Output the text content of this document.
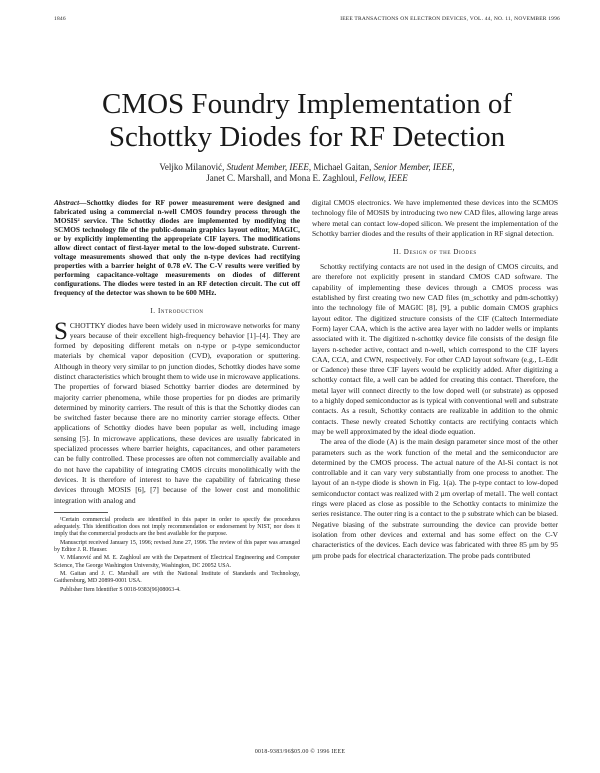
1846	IEEE TRANSACTIONS ON ELECTRON DEVICES, VOL. 44, NO. 11, NOVEMBER 1996
CMOS Foundry Implementation of
Schottky Diodes for RF Detection
Veljko Milanović, Student Member, IEEE, Michael Gaitan, Senior Member, IEEE,
Janet C. Marshall, and Mona E. Zaghloul, Fellow, IEEE

Abstract—Schottky diodes for RF power measurement were designed and fabricated using a commercial n-well CMOS foundry process through the MOSIS² service. The Schottky diodes are implemented by modifying the SCMOS technology file of the public-domain graphics layout editor, MAGIC, or by explicitly implementing the appropriate CIF layers. The modifications allow direct contact of first-layer metal to the low-doped substrate. Current-voltage measurements showed that only the n-type devices had rectifying properties with a barrier height of 0.78 eV. The C-V results were verified by performing capacitance-voltage measurements on diodes of different configurations. The diodes were tested in an RF detection circuit. The cut off frequency of the detector was shown to be 600 MHz.

I. Introduction

SCHOTTKY diodes have been widely used in microwave networks for many years because of their excellent high-frequency behavior [1]–[4]. They are formed by depositing different metals on n-type or p-type semiconductor materials by chemical vapor deposition (CVD), evaporation or sputtering. Although in theory very similar to pn junction diodes, Schottky diodes have some distinct characteristics which brought them to wide use in microwave applications. The properties of forward biased Schottky barrier diodes are determined by majority carrier phenomena, while those properties for pn diodes are primarily determined by minority carriers. The result of this is that the Schottky diodes can be switched faster because there are no minority carrier storage effects. Other applications of Schottky diodes have been popular as well, including image sensing [5]. In microwave applications, these devices are usually fabricated in specialized processes where barrier heights, capacitances, and other parameters can be fully controlled. These processes are often not commercially available and do not have the capability of integrating CMOS circuits monolithically with the devices. It is therefore of interest to have the capability of fabricating these devices through MOSIS [6], [7] because of the lower cost and monolithic integration with analog and

¹Certain commercial products are identified in this paper in order to specify the procedures adequately. This identification does not imply recommendation or endorsement by NIST, nor does it imply that the commercial products are the best available for the purpose.

Manuscript received January 15, 1996; revised June 27, 1996. The review of this paper was arranged by Editor J. R. Hauser.

V. Milanović and M. E. Zaghloul are with the Department of Electrical Engineering and Computer Science, The George Washington University, Washington, DC 20052 USA.

M. Gaitan and J. C. Marshall are with the National Institute of Standards and Technology, Gaithersburg, MD 20899-0001 USA.

Publisher Item Identifier S 0018-9383(96)08063-4.

digital CMOS electronics. We have implemented these devices into the SCMOS technology file of MOSIS by introducing two new CAD files, allowing large areas where metal can contact low-doped silicon. We present the implementation of the Schottky barrier diodes and the results of their application in RF signal detection.

II. Design of the Diodes

Schottky rectifying contacts are not used in the design of CMOS circuits, and are therefore not explicitly present in standard CMOS CAD software. The capability of implementing these devices through a CMOS process was established by first creating two new CAD files (m_schottky and pdm-schottky) into the technology file of MAGIC [8], [9], a public domain CMOS graphics layout editor. The digitized structure consists of the CIF (Caltech Intermediate Form) layer CAA, which is the active area layer with no ladder wells or implants associated with it. The digitized n-schottky device file consists of the design file layers n-scheder active, contact and n-well, which correspond to the CIF layers CAA, CCA, and CWN, respectively. For other CAD layout software (e.g., L-Edit or Cadence) these three CIF layers would be explicitly added. After digitizing a schottky contact file, a well can be added for creating this contact. Therefore, the metal layer will connect directly to the low doped well (or substrate) as opposed to a highly doped semiconductor as is typical with conventional well and substrate contacts. As a result, Schottky contacts are realizable in addition to the ohmic contacts. These newly created Schottky contacts are rectifying contacts which may be well approximated by the ideal diode equation.

The area of the diode (A) is the main design parameter since most of the other parameters such as the work function of the metal and the semiconductor are determined by the CMOS process. The actual nature of the Al-Si contact is not controllable and it can vary very substantially from one process to another. The layout of an n-type diode is shown in Fig. 1(a). The p-type contact to low-doped semiconductor contact was realized with 2 μm overlap of metal1. The well contact rings were placed as close as possible to the Schottky contacts to minimize the series resistance. The outer ring is a contact to the p substrate which can be biased. Negative biasing of the substrate surrounding the device can provide better isolation from other devices and external and has some effect on the C-V characteristics of the devices. Each device was fabricated with three 85 μm by 95 μm probe pads for electrical characterization. The probe pads contributed

0018-9383/96$05.00 © 1996 IEEE
